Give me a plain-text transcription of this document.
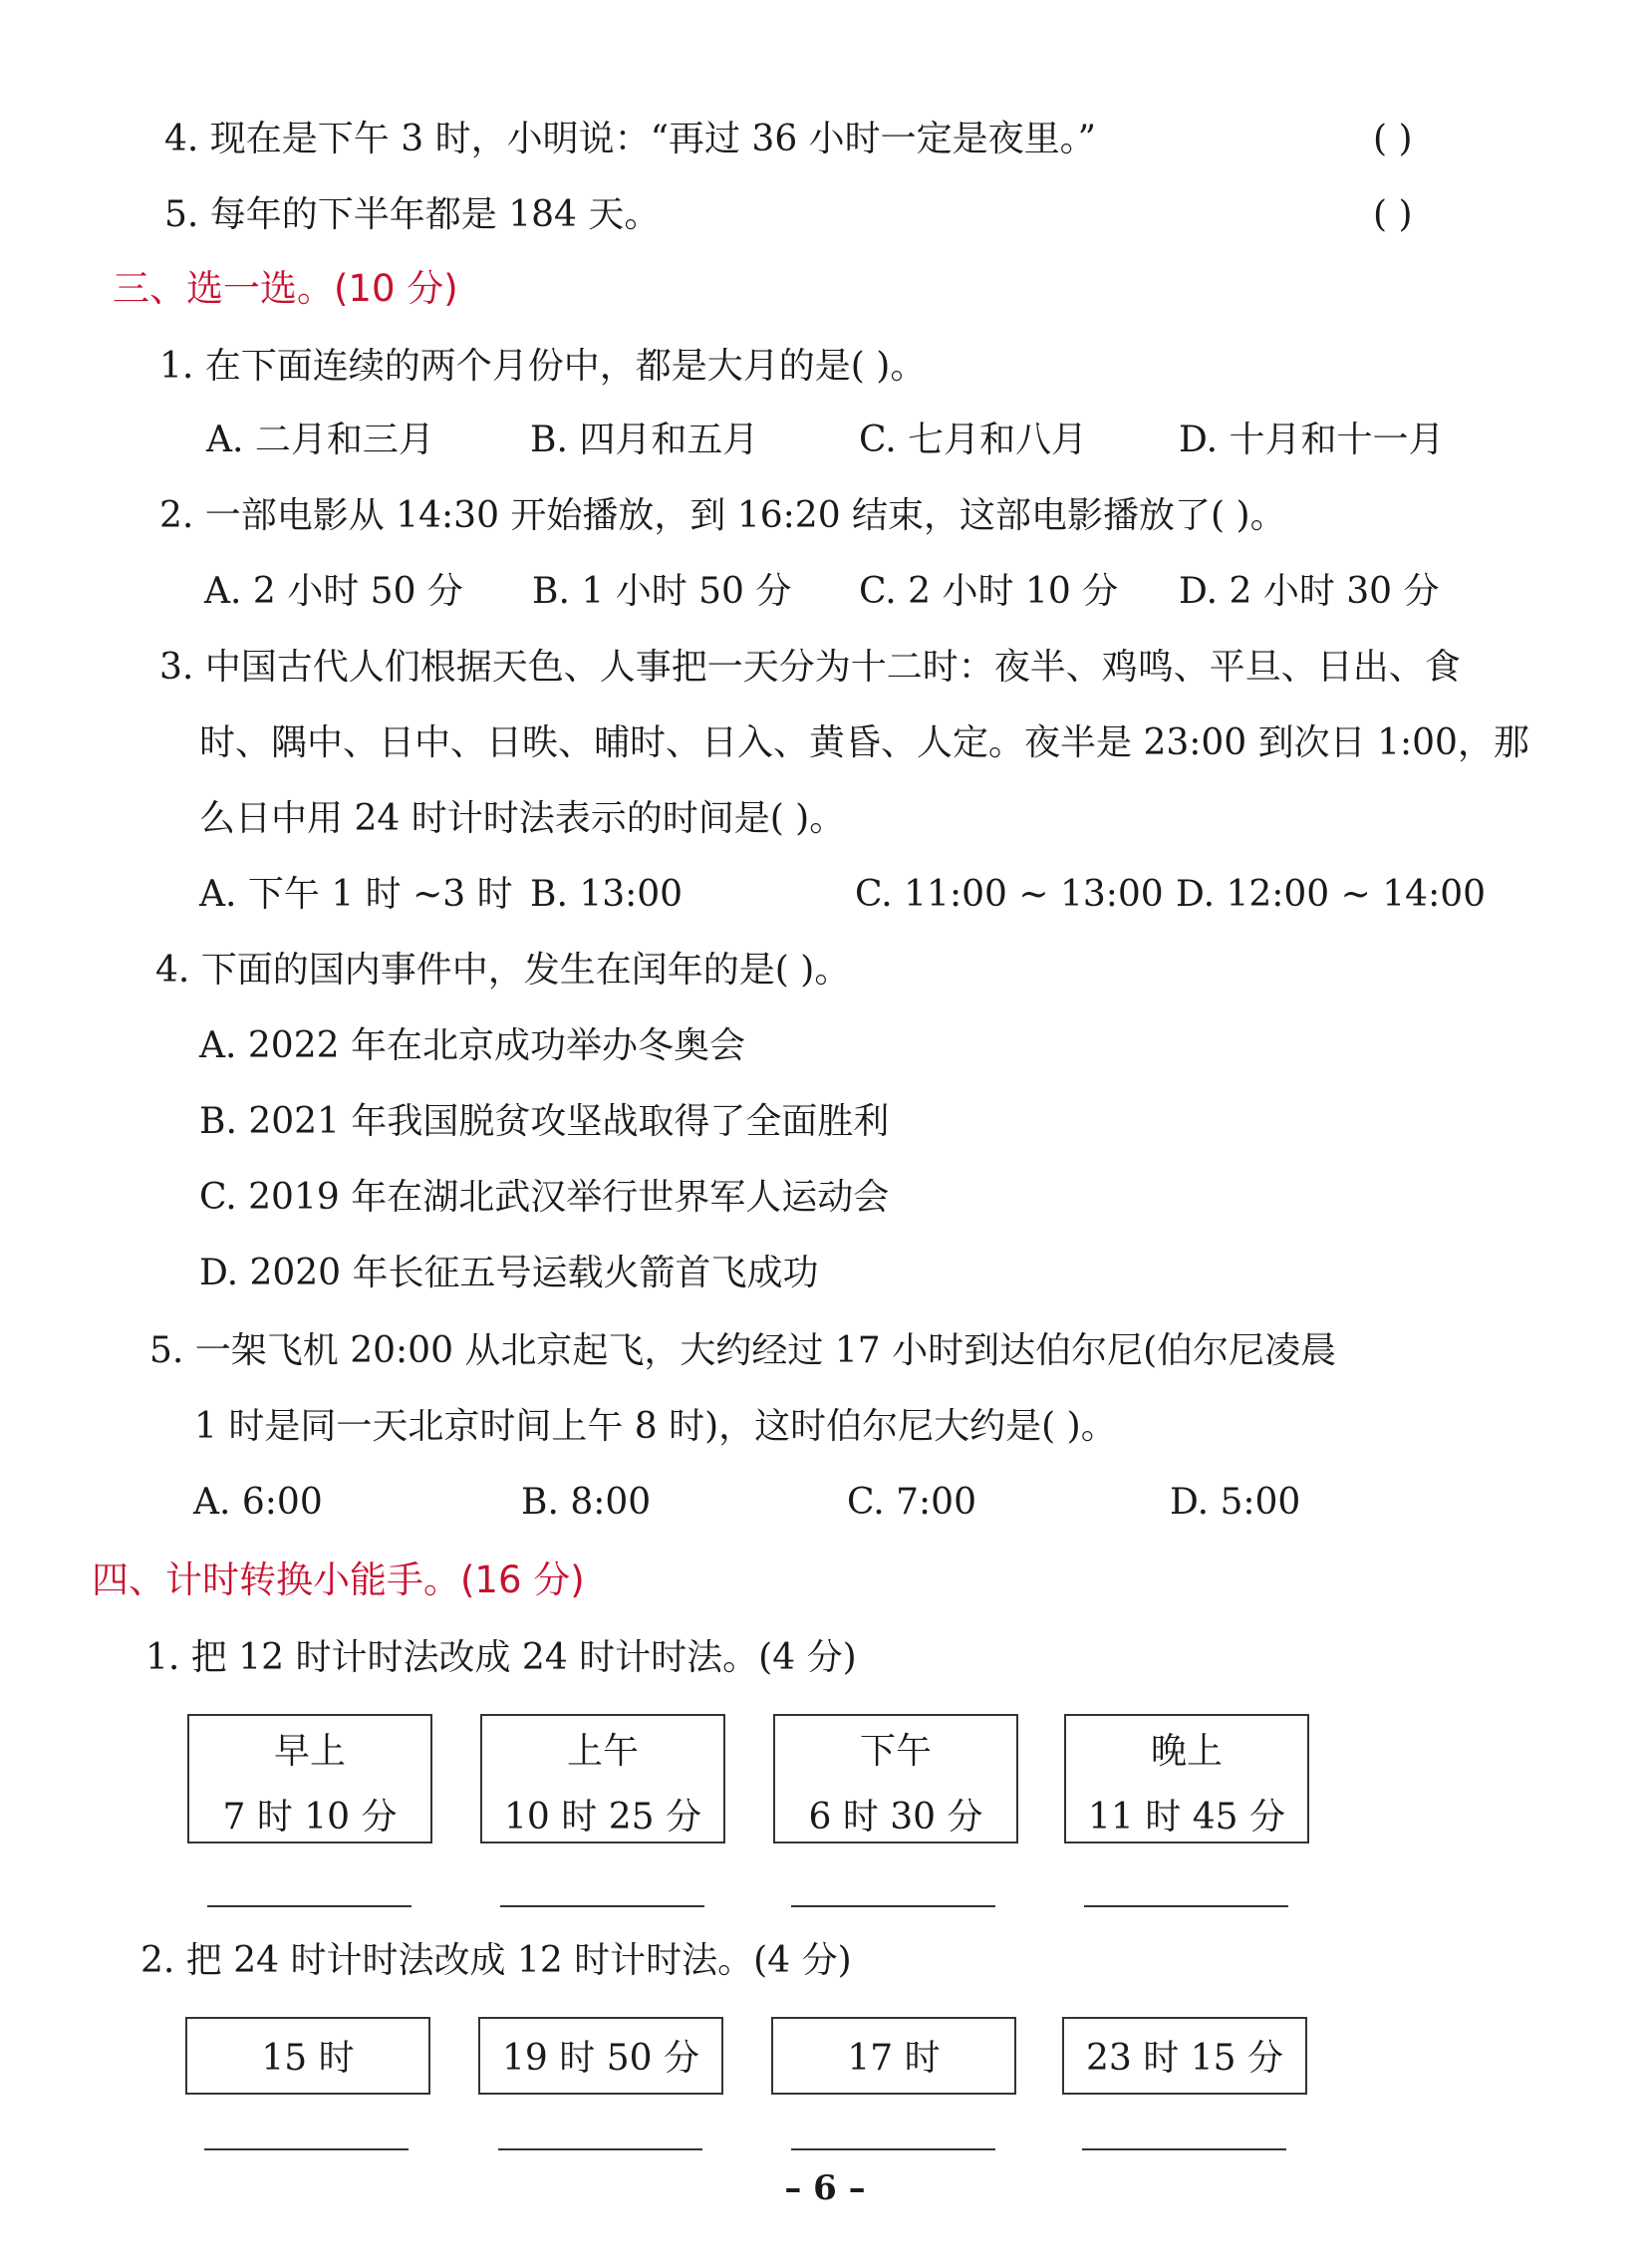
4. 现在是下午 3 时，小明说：“再过 36 小时一定是夜里。”	( )
5. 每年的下半年都是 184 天。	( )
三、选一选。(10 分)
1. 在下面连续的两个月份中，都是大月的是( )。
A. 二月和三月	B. 四月和五月	C. 七月和八月	D. 十月和十一月
2. 一部电影从 14:30 开始播放，到 16:20 结束，这部电影播放了( )。
A. 2 小时 50 分 B. 1 小时 50 分 C. 2 小时 10 分 D. 2 小时 30 分
3. 中国古代人们根据天色、人事把一天分为十二时：夜半、鸡鸣、平旦、日出、食
时、隅中、日中、日昳、晡时、日入、黄昏、人定。夜半是 23:00 到次日 1:00，那
么日中用 24 时计时法表示的时间是( )。
A. 下午 1 时 ~3 时 B. 13:00	C. 11:00 ~ 13:00 D. 12:00 ~ 14:00
4. 下面的国内事件中，发生在闰年的是( )。
A. 2022 年在北京成功举办冬奥会
B. 2021 年我国脱贫攻坚战取得了全面胜利
C. 2019 年在湖北武汉举行世界军人运动会
D. 2020 年长征五号运载火箭首飞成功
5. 一架飞机 20:00 从北京起飞，大约经过 17 小时到达伯尔尼(伯尔尼凌晨
1 时是同一天北京时间上午 8 时)，这时伯尔尼大约是( )。
A. 6:00	B. 8:00	C. 7:00	D. 5:00
四、计时转换小能手。(16 分)
1. 把 12 时计时法改成 24 时计时法。(4 分)
早上
7 时 10 分
上午
10 时 25 分
下午
6 时 30 分
晚上
11 时 45 分
2. 把 24 时计时法改成 12 时计时法。(4 分)
15 时	19 时 50 分	17 时	23 时 15 分
– 6 –
